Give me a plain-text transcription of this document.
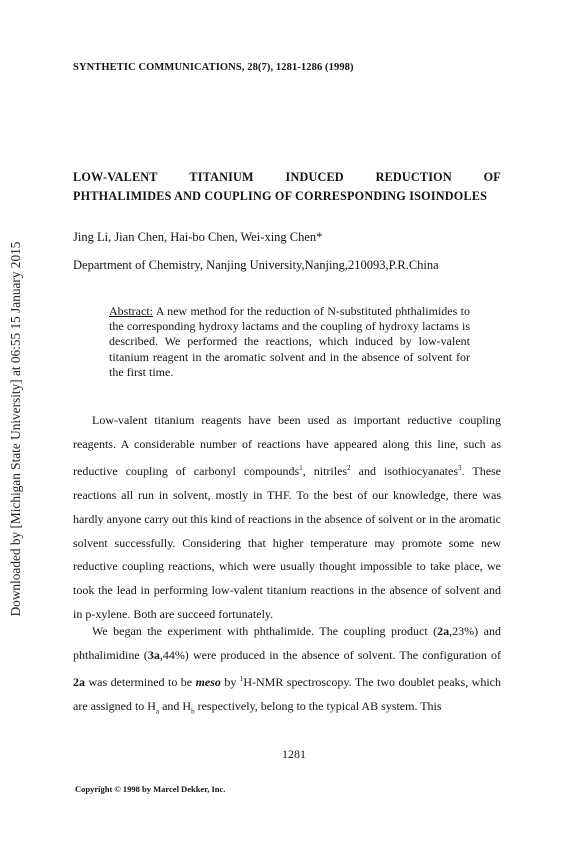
Downloaded by [Michigan State University] at 06:55 15 January 2015
SYNTHETIC COMMUNICATIONS, 28(7), 1281-1286 (1998)
LOW-VALENT	TITANIUM	INDUCED	REDUCTION	OF
PHTHALIMIDES AND COUPLING OF CORRESPONDING ISOINDOLES
Jing Li, Jian Chen, Hai-bo Chen, Wei-xing Chen*
Department of Chemistry, Nanjing University,Nanjing,210093,P.R.China
Abstract: A new method for the reduction of N-substituted phthalimides to the corresponding hydroxy lactams and the coupling of hydroxy lactams is described. We performed the reactions, which induced by low-valent titanium reagent in the aromatic solvent and in the absence of solvent for the first time.
Low-valent titanium reagents have been used as important reductive coupling reagents. A considerable number of reactions have appeared along this line, such as reductive coupling of carbonyl compounds$^1$, nitriles$^2$ and isothiocyanates$^3$. These reactions all run in solvent, mostly in THF. To the best of our knowledge, there was hardly anyone carry out this kind of reactions in the absence of solvent or in the aromatic solvent successfully. Considering that higher temperature may promote some new reductive coupling reactions, which were usually thought impossible to take place, we took the lead in performing low-valent titanium reactions in the absence of solvent and in p-xylene. Both are succeed fortunately.
We began the experiment with phthalimide. The coupling product (2a,23%) and phthalimidine (3a,44%) were produced in the absence of solvent. The configuration of 2a was determined to be meso by $^1$H-NMR spectroscopy. The two doublet peaks, which are assigned to $H_a$ and $H_b$ respectively, belong to the typical AB system. This
1281
Copyright © 1998 by Marcel Dekker, Inc.
